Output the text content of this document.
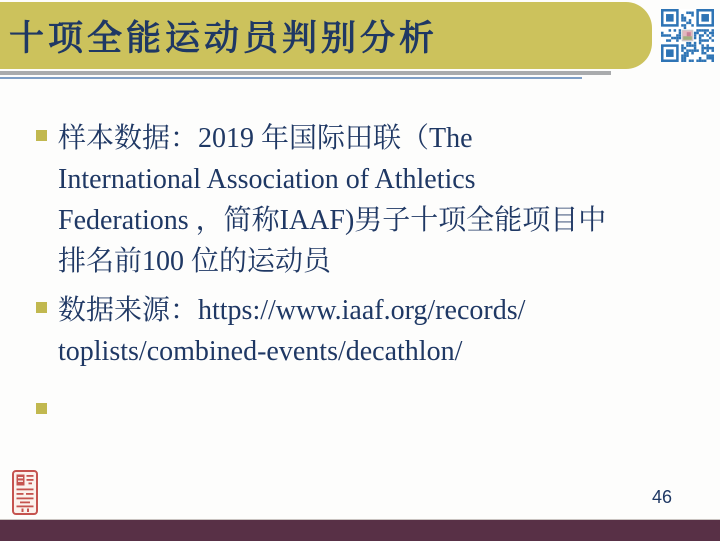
十项全能运动员判别分析
样本数据：2019 年国际田联（The
International Association of Athletics
Federations ，简称IAAF)男子十项全能项目中
排名前100 位的运动员
数据来源：https://www.iaaf.org/records/
toplists/combined-events/decathlon/
46
